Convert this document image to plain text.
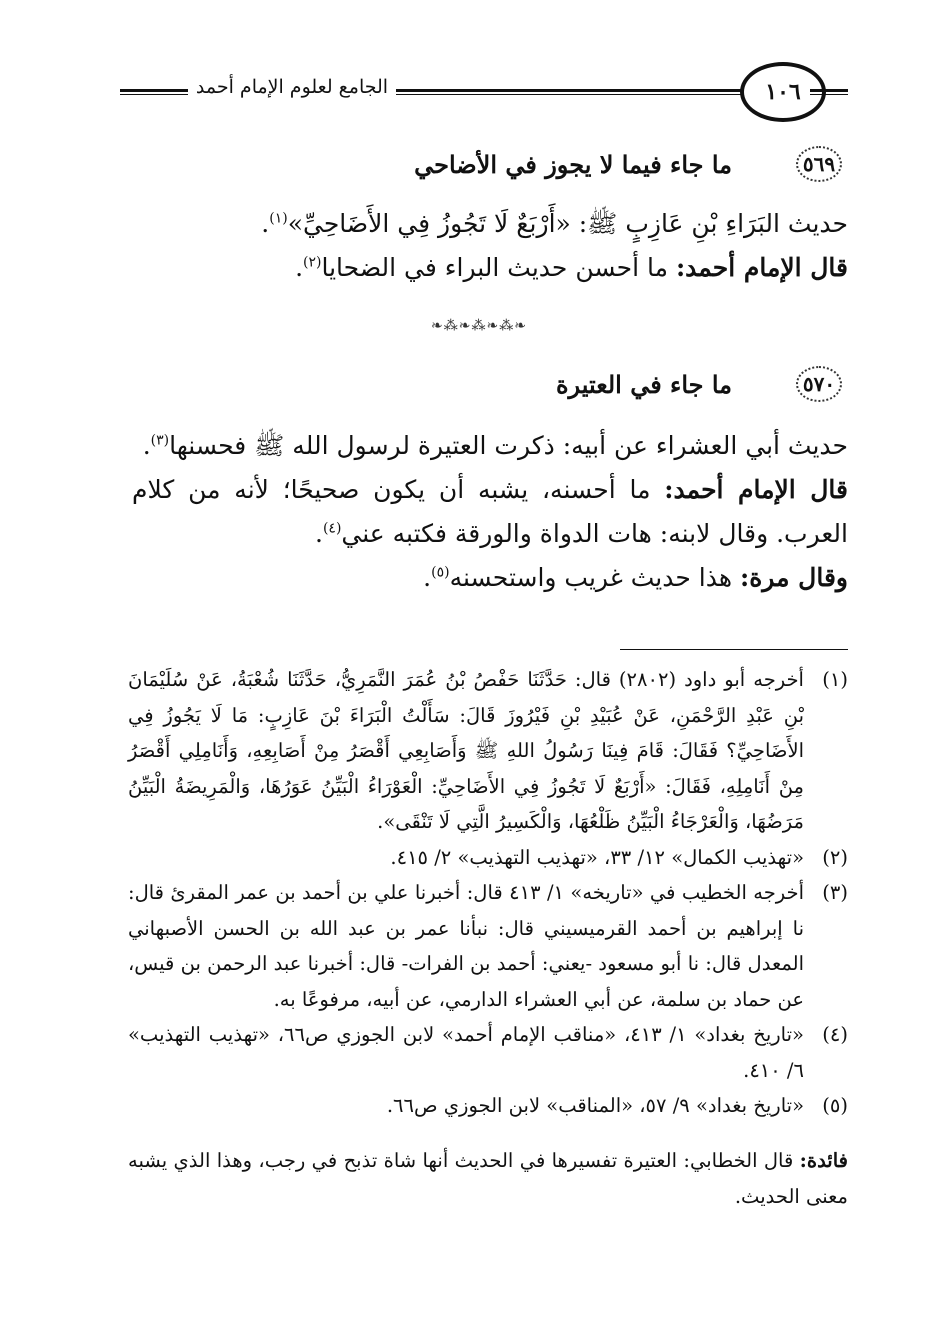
الجامع لعلوم الإمام أحمد	١٠٦
٥٦٩
ما جاء فيما لا يجوز في الأضاحي

حديث البَرَاءِ بْنِ عَازِبٍ ﷺ: «أَرْبَعٌ لَا تَجُوزُ فِي الأَضَاحِيِّ»$^{(١)}$.

قال الإمام أحمد: ما أحسن حديث البراء في الضحايا$^{(٢)}$.

❧⁂❧⁂❧⁂❧
٥٧٠
ما جاء في العتيرة

حديث أبي العشراء عن أبيه: ذكرت العتيرة لرسول الله ﷺ فحسنها$^{(٣)}$.

قال الإمام أحمد: ما أحسنه، يشبه أن يكون صحيحًا؛ لأنه من كلام العرب. وقال لابنه: هات الدواة والورقة فكتبه عني$^{(٤)}$.

وقال مرة: هذا حديث غريب واستحسنه$^{(٥)}$.

(١)
أخرجه أبو داود (٢٨٠٢) قال: حَدَّثَنَا حَفْصُ بْنُ عُمَرَ النَّمَرِيُّ، حَدَّثَنَا شُعْبَةُ، عَنْ سُلَيْمَانَ بْنِ عَبْدِ الرَّحْمَنِ، عَنْ عُبَيْدِ بْنِ فَيْرُوزَ قَالَ: سَأَلْتُ الْبَرَاءَ بْنَ عَازِبٍ: مَا لَا يَجُوزُ فِي الأَضَاحِيِّ؟ فَقَالَ: قَامَ فِينَا رَسُولُ اللهِ ﷺ وَأَصَابِعِي أَقْصَرُ مِنْ أَصَابِعِهِ، وَأَنَامِلِي أَقْصَرُ مِنْ أَنَامِلِهِ، فَقَالَ: «أَرْبَعٌ لَا تَجُوزُ فِي الأَضَاحِيِّ: الْعَوْرَاءُ الْبَيِّنُ عَوَرُهَا، وَالْمَرِيضَةُ الْبَيِّنُ مَرَضُهَا، وَالْعَرْجَاءُ الْبَيِّنُ ظَلْعُهَا، وَالْكَسِيرُ الَّتِي لَا تَنْقَى».
(٢)
«تهذيب الكمال» ١٢/ ٣٣، «تهذيب التهذيب» ٢/ ٤١٥.
(٣)
أخرجه الخطيب في «تاريخه» ١/ ٤١٣ قال: أخبرنا علي بن أحمد بن عمر المقرئ قال: نا إبراهيم بن أحمد القرميسيني قال: نبأنا عمر بن عبد الله بن الحسن الأصبهاني المعدل قال: نا أبو مسعود -يعني: أحمد بن الفرات- قال: أخبرنا عبد الرحمن بن قيس، عن حماد بن سلمة، عن أبي العشراء الدارمي، عن أبيه، مرفوعًا به.
(٤)
«تاريخ بغداد» ١/ ٤١٣، «مناقب الإمام أحمد» لابن الجوزي ص٦٦، «تهذيب التهذيب» ٦/ ٤١٠.
(٥)
«تاريخ بغداد» ٩/ ٥٧، «المناقب» لابن الجوزي ص٦٦.

فائدة: قال الخطابي: العتيرة تفسيرها في الحديث أنها شاة تذبح في رجب، وهذا الذي يشبه معنى الحديث.
